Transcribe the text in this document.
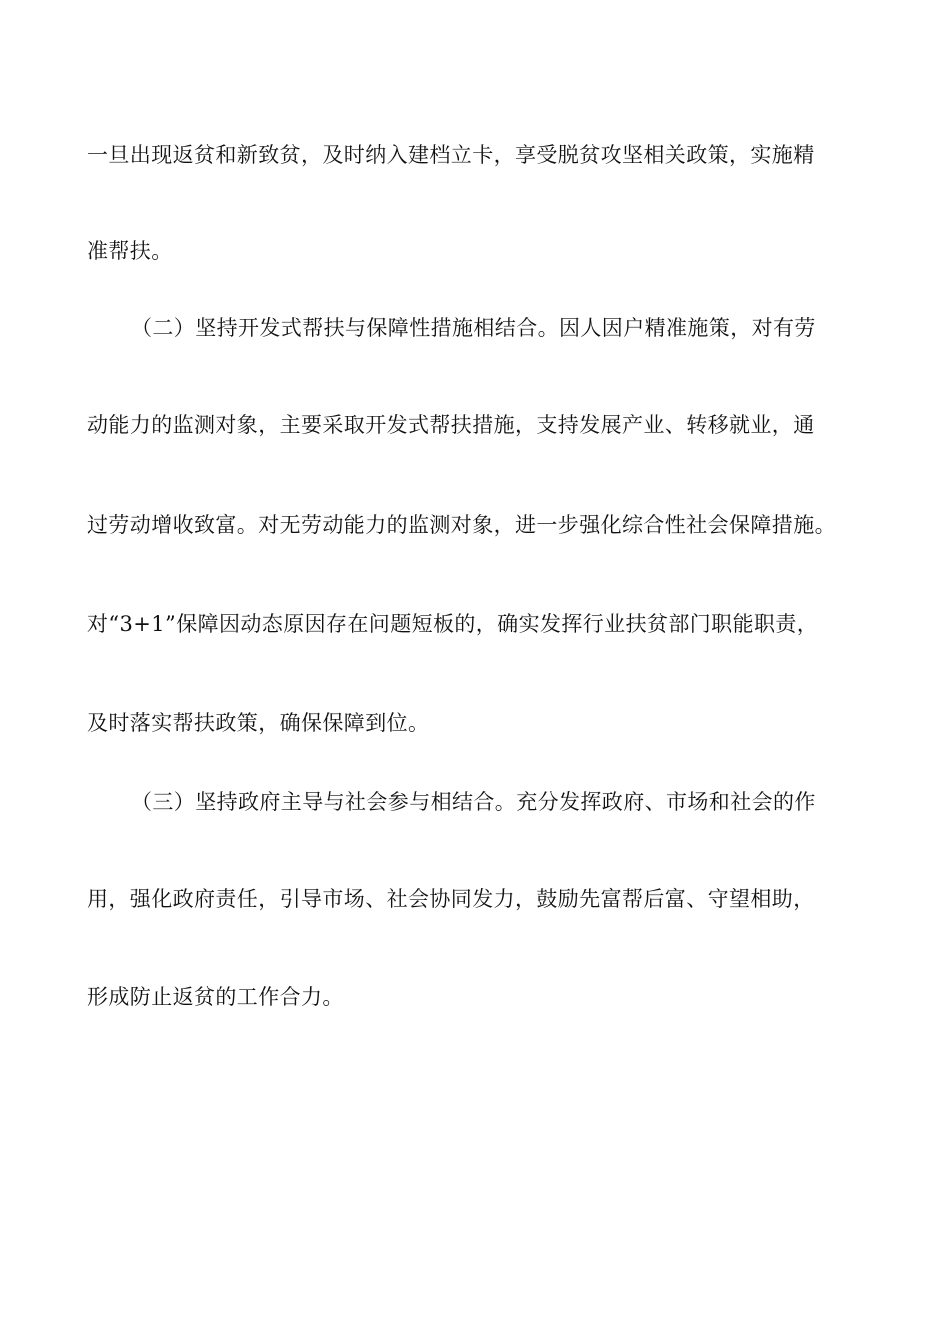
一旦出现返贫和新致贫，及时纳入建档立卡，享受脱贫攻坚相关政策，实施精
准帮扶。
（二）坚持开发式帮扶与保障性措施相结合。因人因户精准施策，对有劳
动能力的监测对象，主要采取开发式帮扶措施，支持发展产业、转移就业，通
过劳动增收致富。对无劳动能力的监测对象，进一步强化综合性社会保障措施。
对“3+1”保障因动态原因存在问题短板的，确实发挥行业扶贫部门职能职责，
及时落实帮扶政策，确保保障到位。
（三）坚持政府主导与社会参与相结合。充分发挥政府、市场和社会的作
用，强化政府责任，引导市场、社会协同发力，鼓励先富帮后富、守望相助，
形成防止返贫的工作合力。
